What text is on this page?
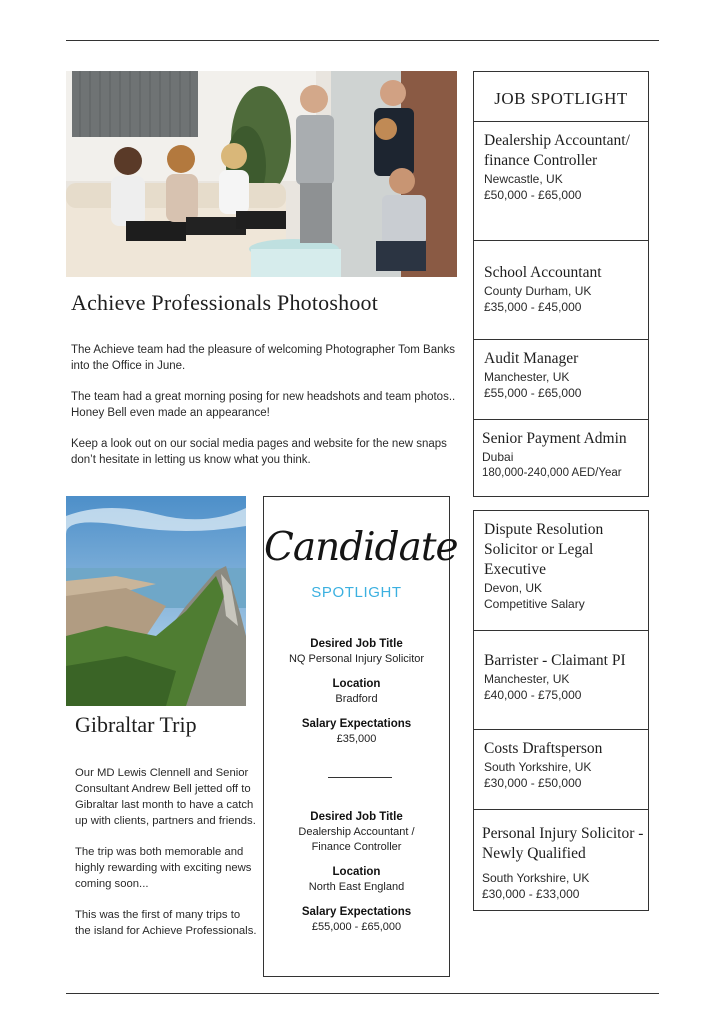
Achieve Professionals Photoshoot

The Achieve team had the pleasure of welcoming Photographer Tom Banks into the Office in June.

The team had a great morning posing for new headshots and team photos.. Honey Bell even made an appearance!

Keep a look out on our social media pages and website for the new snaps don’t hesitate in letting us know what you think.

Gibraltar Trip

Our MD Lewis Clennell and Senior Consultant Andrew Bell jetted off to Gibraltar last month to have a catch up with clients, partners and friends.

The trip was both memorable and highly rewarding with exciting news coming soon...

This was the first of many trips to the island for Achieve Professionals.

Candidate
SPOTLIGHT
Desired Job Title
NQ Personal Injury Solicitor
Location
Bradford
Salary Expectations
£35,000
Desired Job Title
Dealership Accountant / Finance Controller
Location
North East England
Salary Expectations
£55,000 - £65,000
JOB SPOTLIGHT
Dealership Accountant/ finance Controller
Newcastle, UK
£50,000 - £65,000
School Accountant
County Durham, UK
£35,000 - £45,000
Audit Manager
Manchester, UK
£55,000 - £65,000
Senior Payment Admin
Dubai
180,000-240,000 AED/Year
Dispute Resolution Solicitor or Legal Executive
Devon, UK
Competitive Salary
Barrister - Claimant PI
Manchester, UK
£40,000 - £75,000
Costs Draftsperson
South Yorkshire, UK
£30,000 - £50,000
Personal Injury Solicitor - Newly Qualified
South Yorkshire, UK
£30,000 - £33,000
